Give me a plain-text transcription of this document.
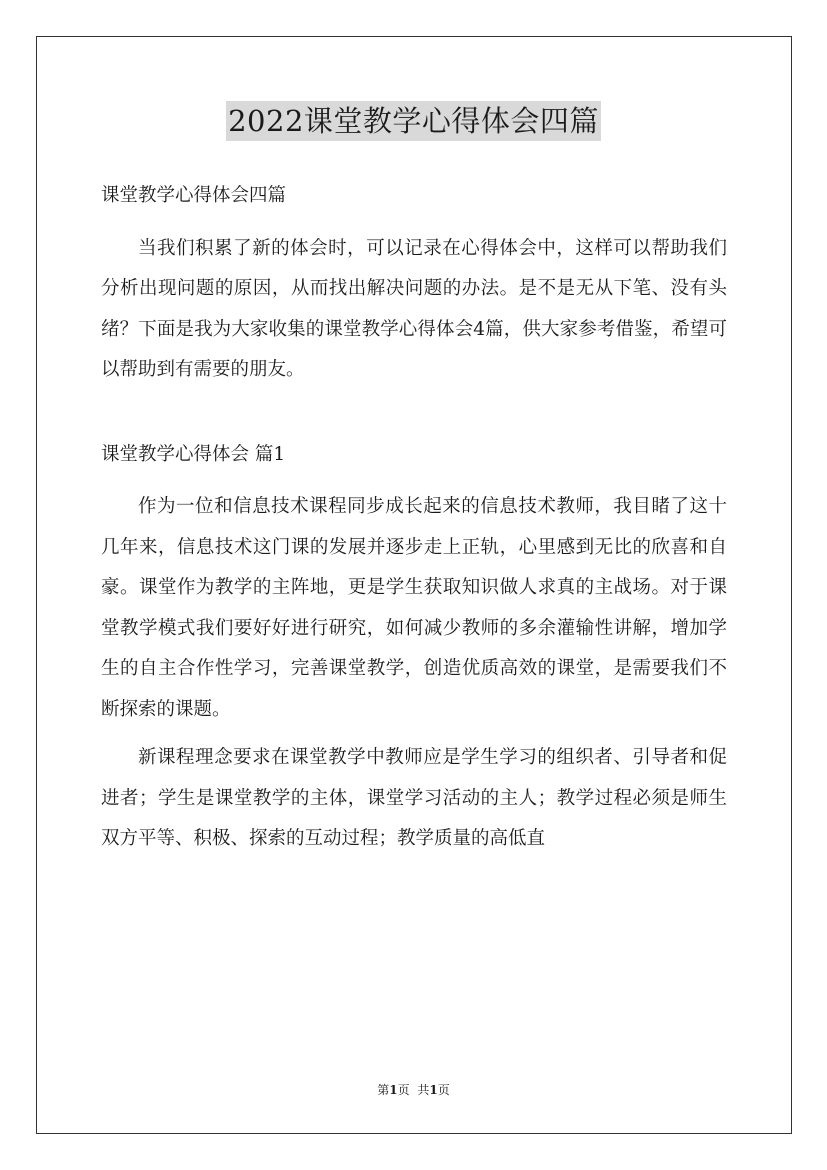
2022课堂教学心得体会四篇

课堂教学心得体会四篇

当我们积累了新的体会时，可以记录在心得体会中，这样可以帮助我们分析出现问题的原因，从而找出解决问题的办法。是不是无从下笔、没有头绪？下面是我为大家收集的课堂教学心得体会4篇，供大家参考借鉴，希望可以帮助到有需要的朋友。

课堂教学心得体会 篇1

作为一位和信息技术课程同步成长起来的信息技术教师，我目睹了这十几年来，信息技术这门课的发展并逐步走上正轨，心里感到无比的欣喜和自豪。课堂作为教学的主阵地，更是学生获取知识做人求真的主战场。对于课堂教学模式我们要好好进行研究，如何减少教师的多余灌输性讲解，增加学生的自主合作性学习，完善课堂教学，创造优质高效的课堂，是需要我们不断探索的课题。

新课程理念要求在课堂教学中教师应是学生学习的组织者、引导者和促进者；学生是课堂教学的主体，课堂学习活动的主人；教学过程必须是师生双方平等、积极、探索的互动过程；教学质量的高低直

第1页 共1页
